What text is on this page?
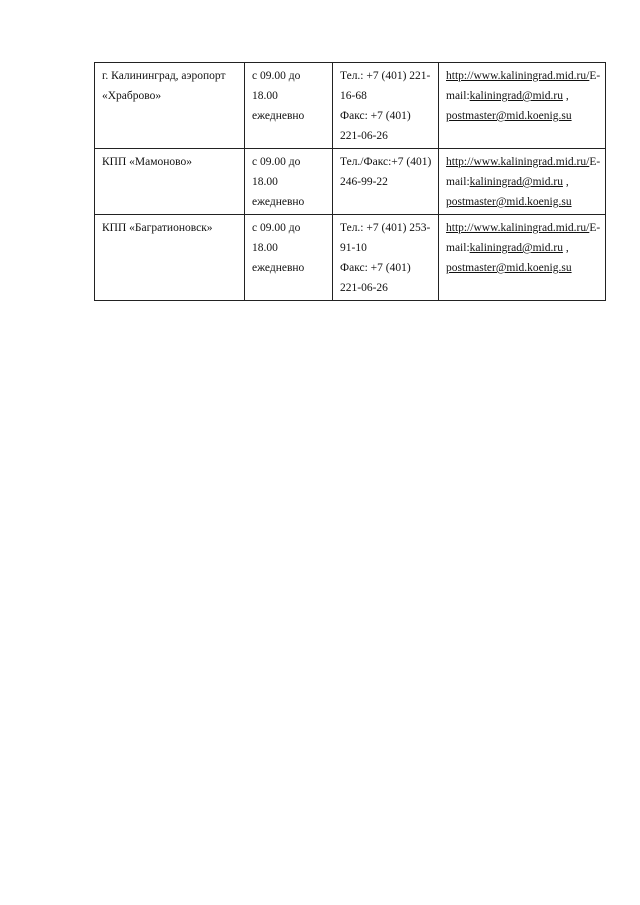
г. Калининград, аэропорт
«Храброво»	с 09.00 до
18.00
ежедневно	Тел.: +7 (401) 221-
16-68
Факс: +7 (401)
221-06-26	http://www.kaliningrad.mid.ru/E-
mail:kaliningrad@mid.ru ,
postmaster@mid.koenig.su

КПП «Мамоново»	с 09.00 до
18.00
ежедневно	Тел./Факс:+7 (401)
246-99-22	http://www.kaliningrad.mid.ru/E-
mail:kaliningrad@mid.ru ,
postmaster@mid.koenig.su

КПП «Багратионовск»	с 09.00 до
18.00
ежедневно	Тел.: +7 (401) 253-
91-10
Факс: +7 (401)
221-06-26	http://www.kaliningrad.mid.ru/E-
mail:kaliningrad@mid.ru ,
postmaster@mid.koenig.su
